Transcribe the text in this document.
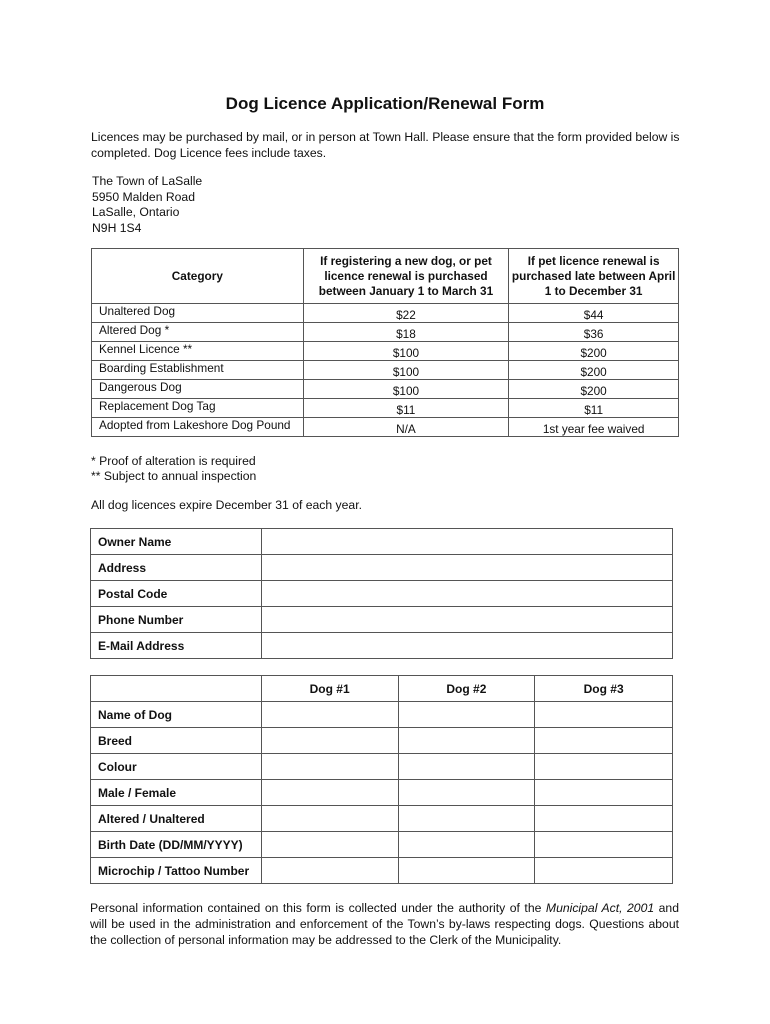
Dog Licence Application/Renewal Form
Licences may be purchased by mail, or in person at Town Hall. Please ensure that the form provided below is completed. Dog Licence fees include taxes.
The Town of LaSalle
5950 Malden Road
LaSalle, Ontario
N9H 1S4
Category	If registering a new dog, or pet licence renewal is purchased between January 1 to March 31	If pet licence renewal is purchased late between April 1 to December 31
Unaltered Dog	$22	$44
Altered Dog *	$18	$36
Kennel Licence **	$100	$200
Boarding Establishment	$100	$200
Dangerous Dog	$100	$200
Replacement Dog Tag	$11	$11
Adopted from Lakeshore Dog Pound	N/A	1st year fee waived
* Proof of alteration is required
** Subject to annual inspection
All dog licences expire December 31 of each year.
Owner Name	
Address	
Postal Code	
Phone Number	
E-Mail Address	
	Dog #1	Dog #2	Dog #3
Name of Dog			
Breed			
Colour			
Male / Female			
Altered / Unaltered			
Birth Date (DD/MM/YYYY)			
Microchip / Tattoo Number			
Personal information contained on this form is collected under the authority of the Municipal Act, 2001 and will be used in the administration and enforcement of the Town’s by-laws respecting dogs. Questions about the collection of personal information may be addressed to the Clerk of the Municipality.
